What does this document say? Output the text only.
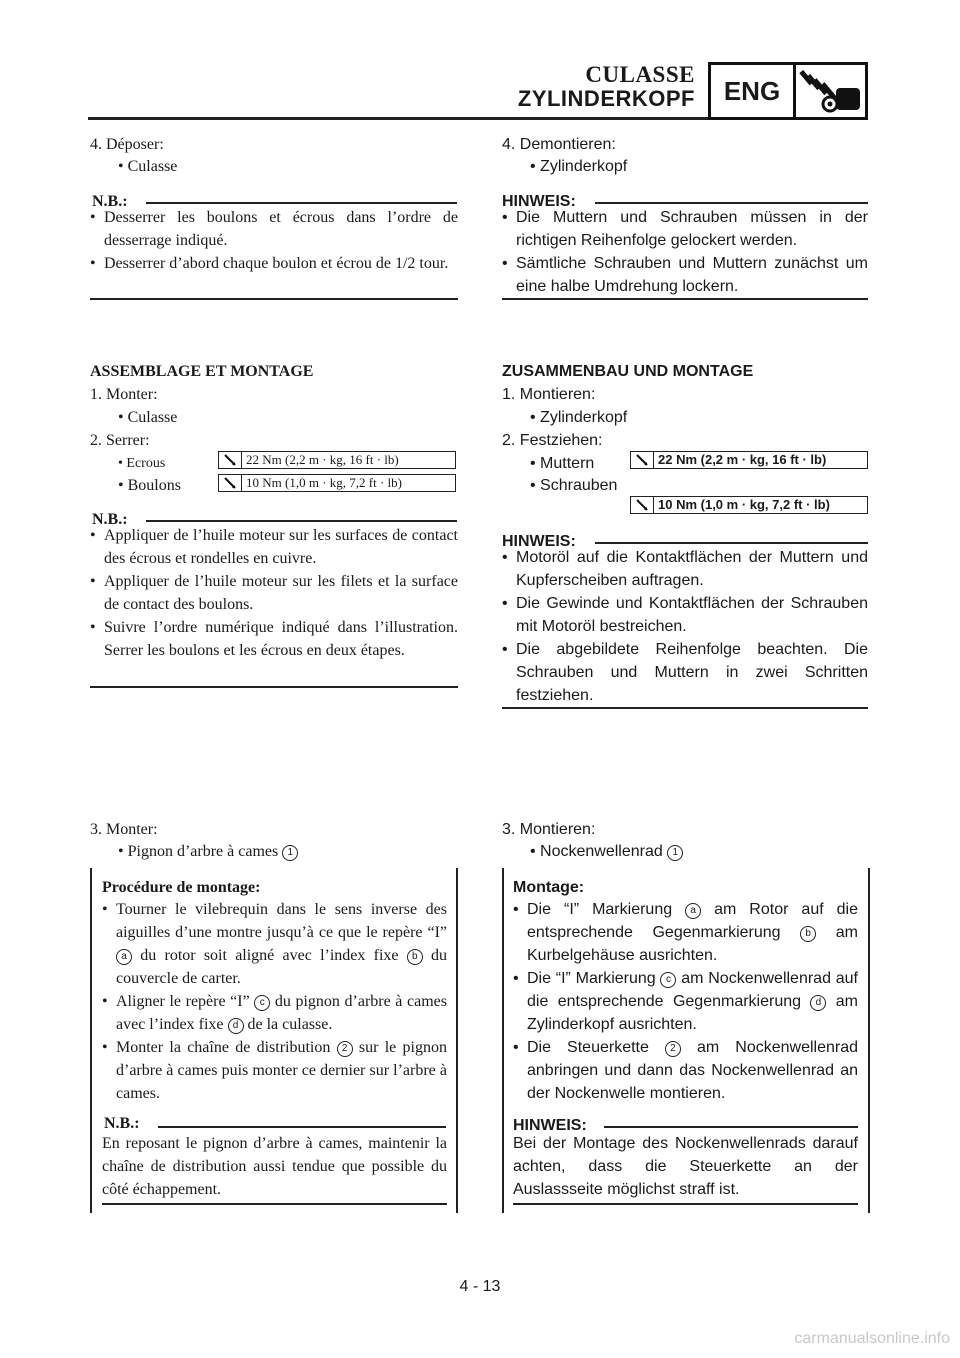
CULASSE
ZYLINDERKOPF	ENG
4. Déposer:
• Culasse
N.B.:
• Desserrer les boulons et écrous dans l’ordre de desserrage indiqué.
• Desserrer d’abord chaque boulon et écrou de 1/2 tour.
ASSEMBLAGE ET MONTAGE
1. Monter:
• Culasse
2. Serrer:
• Ecrous
• Boulons
22 Nm (2,2 m · kg, 16 ft · lb)
10 Nm (1,0 m · kg, 7,2 ft · lb)
N.B.:
• Appliquer de l’huile moteur sur les surfaces de contact des écrous et rondelles en cuivre.
• Appliquer de l’huile moteur sur les filets et la surface de contact des boulons.
• Suivre l’ordre numérique indiqué dans l’illustration. Serrer les boulons et les écrous en deux étapes.
3. Monter:
• Pignon d’arbre à cames 1
Procédure de montage:
• Tourner le vilebrequin dans le sens inverse des aiguilles d’une montre jusqu’à ce que le repère “I” a du rotor soit aligné avec l’index fixe b du couvercle de carter.
• Aligner le repère “I” c du pignon d’arbre à cames avec l’index fixe d de la culasse.
• Monter la chaîne de distribution 2 sur le pignon d’arbre à cames puis monter ce dernier sur l’arbre à cames.
N.B.:
En reposant le pignon d’arbre à cames, maintenir la chaîne de distribution aussi tendue que possible du côté échappement.
4. Demontieren:
• Zylinderkopf
HINWEIS:
• Die Muttern und Schrauben müssen in der richtigen Reihenfolge gelockert werden.
• Sämtliche Schrauben und Muttern zunächst um eine halbe Umdrehung lockern.
ZUSAMMENBAU UND MONTAGE
1. Montieren:
• Zylinderkopf
2. Festziehen:
• Muttern
• Schrauben
22 Nm (2,2 m · kg, 16 ft · lb)
10 Nm (1,0 m · kg, 7,2 ft · lb)
HINWEIS:
• Motoröl auf die Kontaktflächen der Muttern und Kupferscheiben auftragen.
• Die Gewinde und Kontaktflächen der Schrauben mit Motoröl bestreichen.
• Die abgebildete Reihenfolge beachten. Die Schrauben und Muttern in zwei Schritten festziehen.
3. Montieren:
• Nockenwellenrad 1
Montage:
• Die “I” Markierung a am Rotor auf die entsprechende Gegenmarkierung b am Kurbelgehäuse ausrichten.
• Die “I” Markierung c am Nockenwellenrad auf die entsprechende Gegenmarkierung d am Zylinderkopf ausrichten.
• Die Steuerkette 2 am Nockenwellenrad anbringen und dann das Nockenwellenrad an der Nockenwelle montieren.
HINWEIS:
Bei der Montage des Nockenwellenrads darauf achten, dass die Steuerkette an der Auslassseite möglichst straff ist.
4 - 13
carmanualsonline.info
